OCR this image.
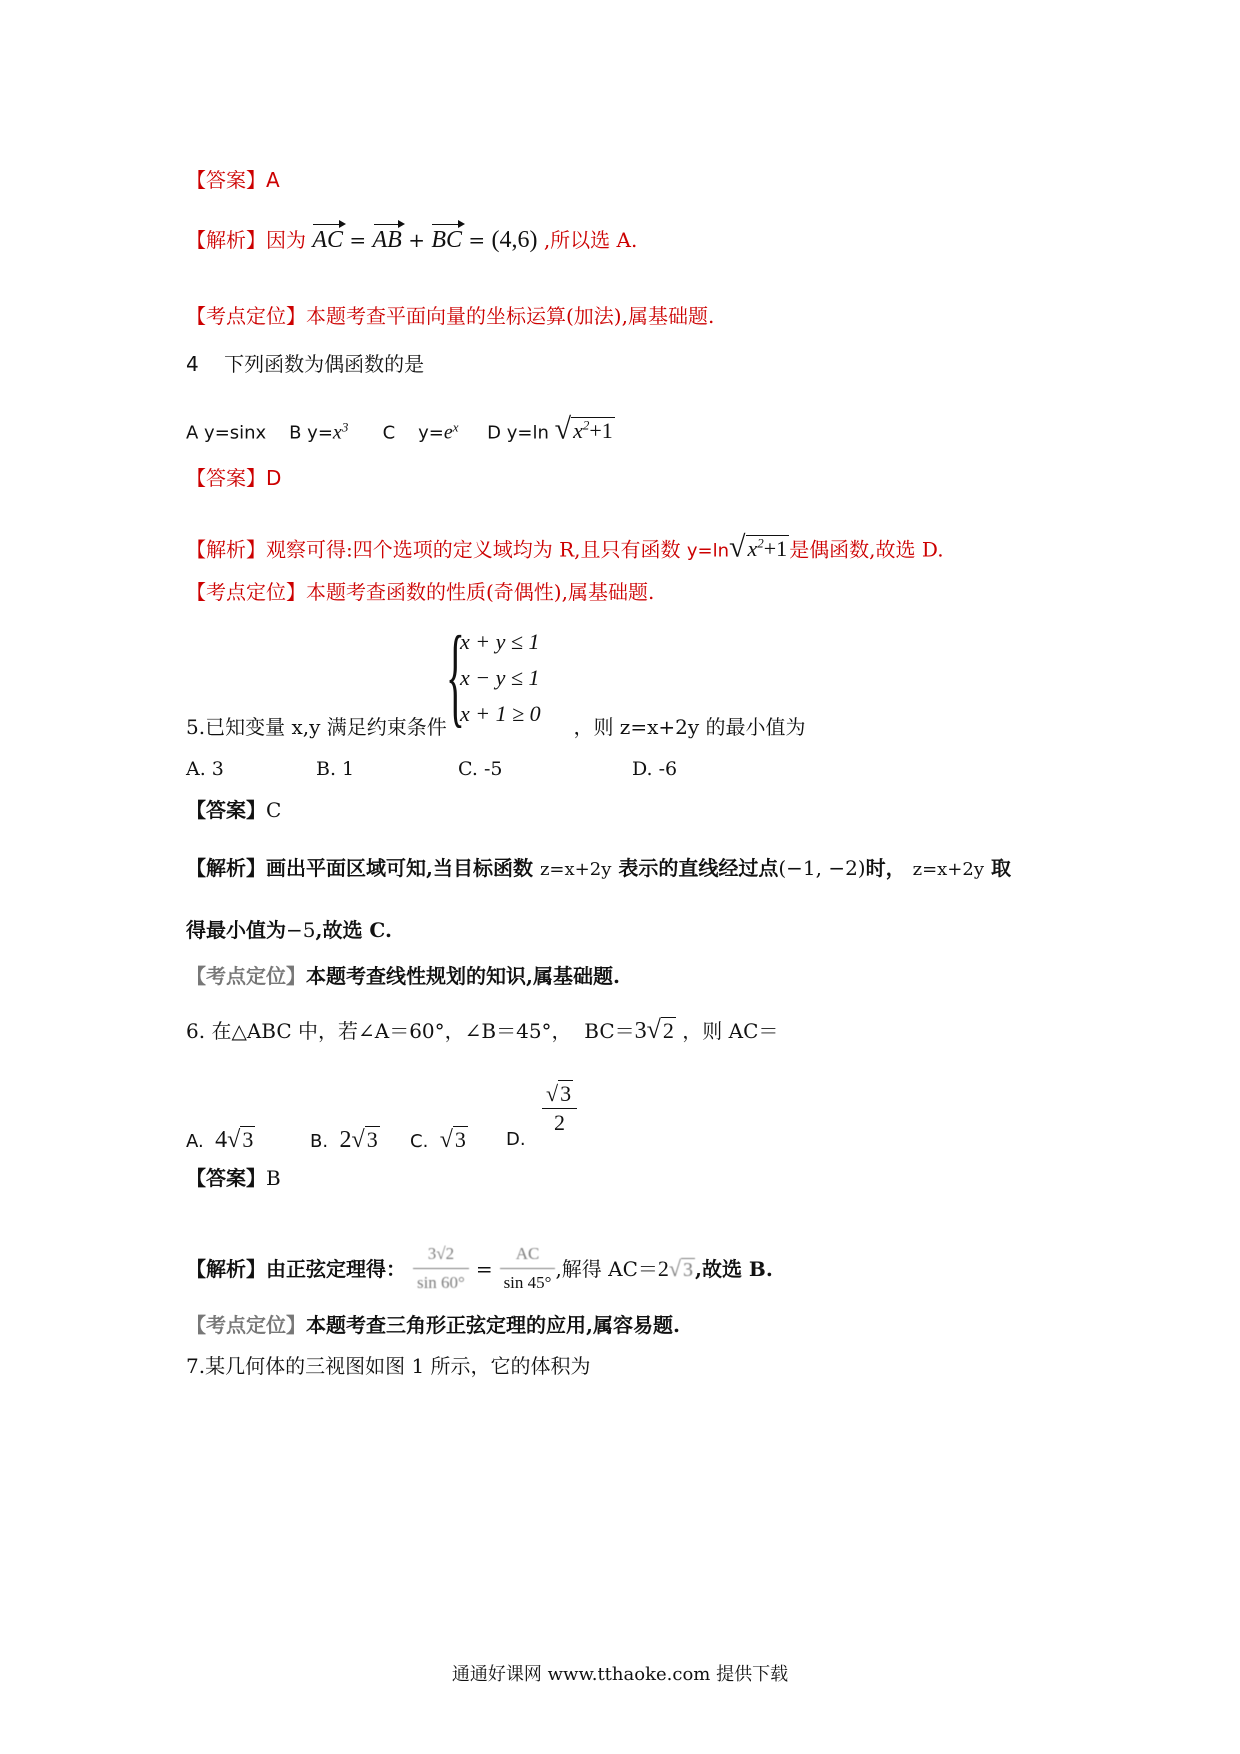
【答案】A
【解析】因为 AC = AB + BC = (4,6) ,所以选 A.
【考点定位】本题考查平面向量的坐标运算(加法),属基础题.
4 下列函数为偶函数的是
A y=sinx B $y=x^3$ C $y=e^x$ D y=ln $√x^2+1$
【答案】D
【解析】观察可得:四个选项的定义域均为 R,且只有函数 $y=\ln√x^2+1$ 是偶函数,故选 D.
【考点定位】本题考查函数的性质(奇偶性),属基础题.
{
x + y ≤ 1
x − y ≤ 1
x + 1 ≥ 0
5.已知变量 x,y 满足约束条件	，则 z=x+2y 的最小值为
A. 3	B. 1	C. -5	D. -6
【答案】C
【解析】画出平面区域可知,当目标函数 z=x+2y 表示的直线经过点(−1, −2)时， z=x+2y 取
得最小值为−5,故选 C.
【考点定位】本题考查线性规划的知识,属基础题.
6. 在△ABC 中，若∠A＝60°，∠B＝45°， BC＝3√2 ，则 AC＝
A. 4√3	B. 2√3 C. √3 D.
$\frac{√3}{2}$
【答案】B
【解析】由正弦定理得： $\frac{3√2}{\sin 60^\circ} = \frac{AC}{\sin 45^\circ}$ ,解得 AC＝2√ 3 ,故选 B.
【考点定位】本题考查三角形正弦定理的应用,属容易题.
7.某几何体的三视图如图 1 所示，它的体积为
通通好课网 www.tthaoke.com 提供下载
